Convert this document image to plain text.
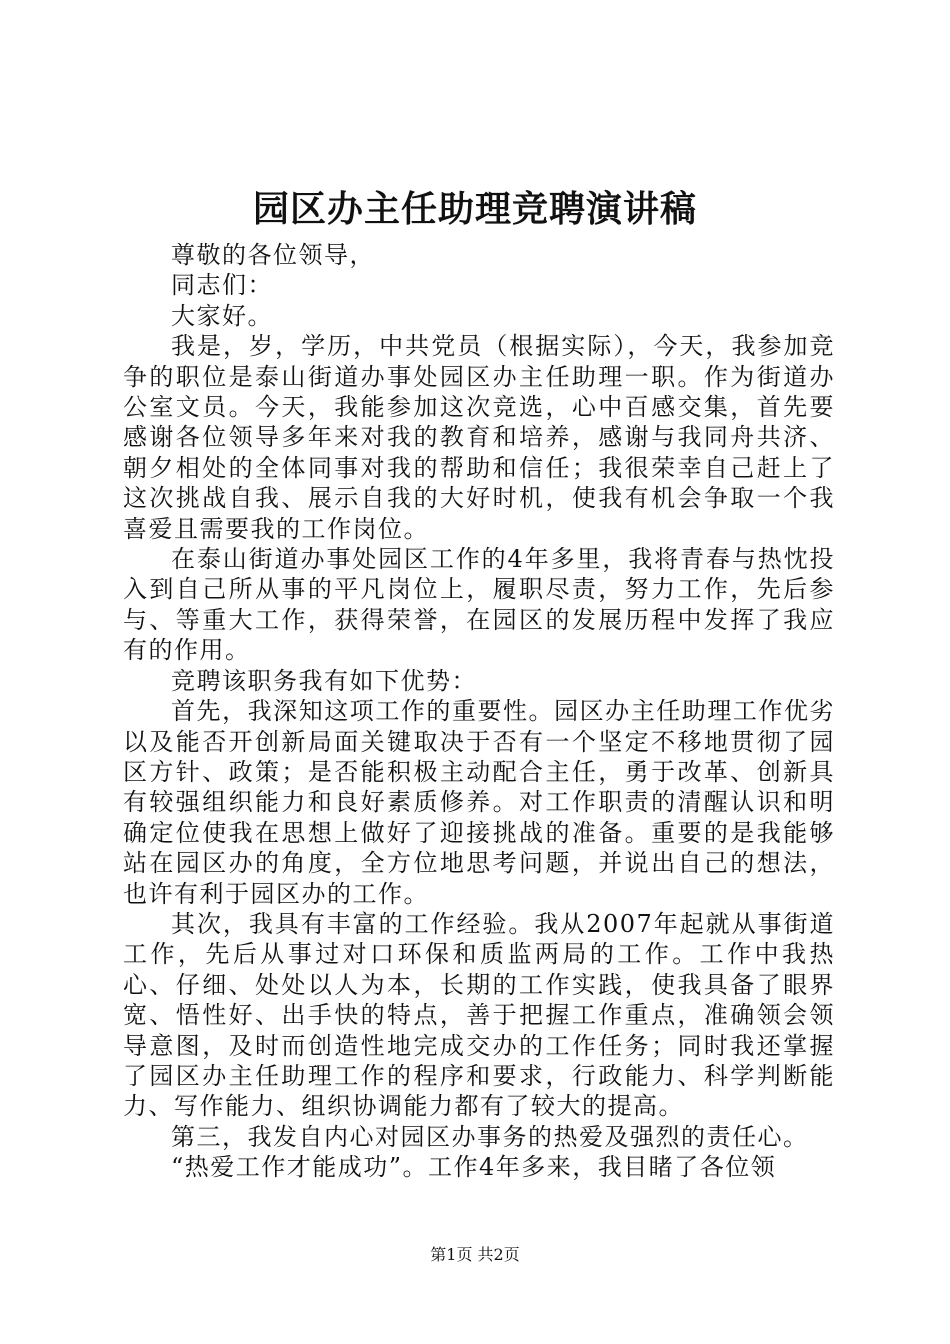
园区办主任助理竞聘演讲稿

尊敬的各位领导，

同志们：

大家好。

我是，岁，学历，中共党员（根据实际），今天，我参加竞争的职位是泰山街道办事处园区办主任助理一职。作为街道办公室文员。今天，我能参加这次竞选，心中百感交集，首先要感谢各位领导多年来对我的教育和培养，感谢与我同舟共济、朝夕相处的全体同事对我的帮助和信任；我很荣幸自己赶上了这次挑战自我、展示自我的大好时机，使我有机会争取一个我喜爱且需要我的工作岗位。

在泰山街道办事处园区工作的4年多里，我将青春与热忱投入到自己所从事的平凡岗位上，履职尽责，努力工作，先后参与、等重大工作，获得荣誉，在园区的发展历程中发挥了我应有的作用。

竞聘该职务我有如下优势：

首先，我深知这项工作的重要性。园区办主任助理工作优劣以及能否开创新局面关键取决于否有一个坚定不移地贯彻了园区方针、政策；是否能积极主动配合主任，勇于改革、创新具有较强组织能力和良好素质修养。对工作职责的清醒认识和明确定位使我在思想上做好了迎接挑战的准备。重要的是我能够站在园区办的角度，全方位地思考问题，并说出自己的想法，也许有利于园区办的工作。

其次，我具有丰富的工作经验。我从2007年起就从事街道工作，先后从事过对口环保和质监两局的工作。工作中我热心、仔细、处处以人为本，长期的工作实践，使我具备了眼界宽、悟性好、出手快的特点，善于把握工作重点，准确领会领导意图，及时而创造性地完成交办的工作任务；同时我还掌握了园区办主任助理工作的程序和要求，行政能力、科学判断能力、写作能力、组织协调能力都有了较大的提高。

第三，我发自内心对园区办事务的热爱及强烈的责任心。

“热爱工作才能成功”。工作4年多来，我目睹了各位领

第1页 共2页
